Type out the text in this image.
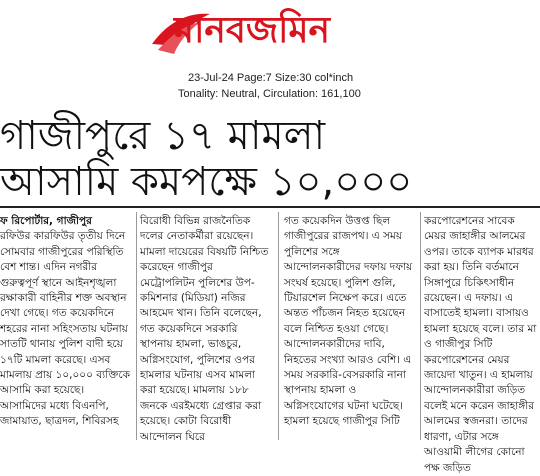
মানবজমিন
23-Jul-24 Page:7 Size:30 col*inch
Tonality: Neutral, Circulation: 161,100
গাজীপুরে ১৭ মামলা
আসামি কমপক্ষে ১০,০০০

ফ রিপোর্টার, গাজীপুর
রফিউর কারফিউর তৃতীয় দিনে সোমবার গাজীপুরের পরিস্থিতি বেশ শান্ত। এদিন নগরীর গুরুত্বপূর্ণ স্থানে আইনশৃঙ্খলা রক্ষাকারী বাহিনীর শক্ত অবস্থান দেখা গেছে। গত কয়েকদিনে শহরের নানা সহিংসতায় ঘটনায় সাতটি থানায় পুলিশ বাদী হয়ে ১৭টি মামলা করেছে। এসব মামলায় প্রায় ১০,০০০ ব্যক্তিকে আসামি করা হয়েছে। আসামিদের মধ্যে বিএনপি, জামায়াত, ছাত্রদল, শিবিরসহ

বিরোধী বিভিন্ন রাজনৈতিক দলের নেতাকর্মীরা রয়েছেন। মামলা দায়েরের বিষয়টি নিশ্চিত করেছেন গাজীপুর মেট্রোপলিটন পুলিশের উপ-কমিশনার (মিডিয়া) নজির আহমেদ খান। তিনি বলেছেন, গত কয়েকদিনে সরকারি স্থাপনায় হামলা, ভাঙচুর, অগ্নিসংযোগ, পুলিশের ওপর হামলার ঘটনায় এসব মামলা করা হয়েছে। মামলায় ১৮৮ জনকে এরইমধ্যে গ্রেপ্তার করা হয়েছে। কোটা বিরোধী আন্দোলন ঘিরে

গত কয়েকদিন উত্তপ্ত ছিল গাজীপুরের রাজপথ। এ সময় পুলিশের সঙ্গে আন্দোলনকারীদের দফায় দফায় সংঘর্ষ হয়েছে। পুলিশ গুলি, টিয়ারশেল নিক্ষেপ করে। এতে অন্তত পাঁচজন নিহত হয়েছেন বলে নিশ্চিত হওয়া গেছে। আন্দোলনকারীদের দাবি, নিহতের সংখ্যা আরও বেশি। এ সময় সরকারি-বেসরকারি নানা স্থাপনায় হামলা ও অগ্নিসংযোগের ঘটনা ঘটেছে। হামলা হয়েছে গাজীপুর সিটি

করপোরেশনের সাবেক মেয়র জাহাঙ্গীর আলমের ওপর। তাকে ব্যাপক মারধর করা হয়। তিনি বর্তমানে সিঙ্গাপুরে চিকিৎসাধীন রয়েছেন। এ দফায়। এ বাসাতেই হামলা। বাসায়ও হামলা হয়েছে বলে। তার মা ও গাজীপুর সিটি করপোরেশনের মেয়র জায়েদা খাতুন। এ হামলায় আন্দোলনকারীরা জড়িত বলেই মনে করেন জাহাঙ্গীর আলমের স্বজনরা। তাদের ধারণা, এটার সঙ্গে আওয়ামী লীগের কোনো পক্ষ জড়িত
